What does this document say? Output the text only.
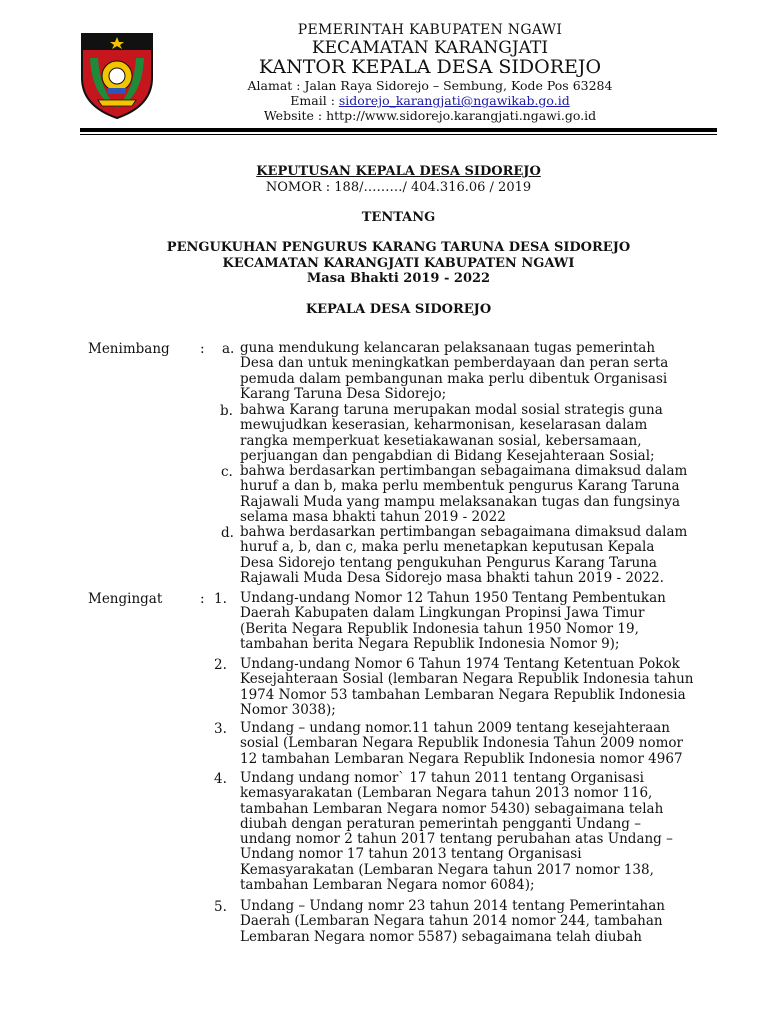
PEMERINTAH KABUPATEN NGAWI
KECAMATAN KARANGJATI
KANTOR KEPALA DESA SIDOREJO
Alamat : Jalan Raya Sidorejo – Sembung, Kode Pos 63284
Email : sidorejo_karangjati@ngawikab.go.id
Website : http://www.sidorejo.karangjati.ngawi.go.id
KEPUTUSAN KEPALA DESA SIDOREJO
NOMOR : 188/………/ 404.316.06 / 2019
TENTANG
PENGUKUHAN PENGURUS KARANG TARUNA DESA SIDOREJO
KECAMATAN KARANGJATI KABUPATEN NGAWI
Masa Bhakti 2019 - 2022
KEPALA DESA SIDOREJO
Menimbang : a. guna mendukung kelancaran pelaksanaan tugas pemerintah
Desa dan untuk meningkatkan pemberdayaan dan peran serta
pemuda dalam pembangunan maka perlu dibentuk Organisasi
Karang Taruna Desa Sidorejo;
b. bahwa Karang taruna merupakan modal sosial strategis guna
mewujudkan keserasian, keharmonisan, keselarasan dalam
rangka memperkuat kesetiakawanan sosial, kebersamaan,
perjuangan dan pengabdian di Bidang Kesejahteraan Sosial;
c. bahwa berdasarkan pertimbangan sebagaimana dimaksud dalam
huruf a dan b, maka perlu membentuk pengurus Karang Taruna
Rajawali Muda yang mampu melaksanakan tugas dan fungsinya
selama masa bhakti tahun 2019 - 2022
d. bahwa berdasarkan pertimbangan sebagaimana dimaksud dalam
huruf a, b, dan c, maka perlu menetapkan keputusan Kepala
Desa Sidorejo tentang pengukuhan Pengurus Karang Taruna
Rajawali Muda Desa Sidorejo masa bhakti tahun 2019 - 2022.
Mengingat	: 1. Undang-undang Nomor 12 Tahun 1950 Tentang Pembentukan
Daerah Kabupaten dalam Lingkungan Propinsi Jawa Timur
(Berita Negara Republik Indonesia tahun 1950 Nomor 19,
tambahan berita Negara Republik Indonesia Nomor 9);
2. Undang-undang Nomor 6 Tahun 1974 Tentang Ketentuan Pokok
Kesejahteraan Sosial (lembaran Negara Republik Indonesia tahun
1974 Nomor 53 tambahan Lembaran Negara Republik Indonesia
Nomor 3038);
3. Undang – undang nomor.11 tahun 2009 tentang kesejahteraan
sosial (Lembaran Negara Republik Indonesia Tahun 2009 nomor
12 tambahan Lembaran Negara Republik Indonesia nomor 4967
4. Undang undang nomor` 17 tahun 2011 tentang Organisasi
kemasyarakatan (Lembaran Negara tahun 2013 nomor 116,
tambahan Lembaran Negara nomor 5430) sebagaimana telah
diubah dengan peraturan pemerintah pengganti Undang –
undang nomor 2 tahun 2017 tentang perubahan atas Undang –
Undang nomor 17 tahun 2013 tentang Organisasi
Kemasyarakatan (Lembaran Negara tahun 2017 nomor 138,
tambahan Lembaran Negara nomor 6084);
5. Undang – Undang nomr 23 tahun 2014 tentang Pemerintahan
Daerah (Lembaran Negara tahun 2014 nomor 244, tambahan
Lembaran Negara nomor 5587) sebagaimana telah diubah
